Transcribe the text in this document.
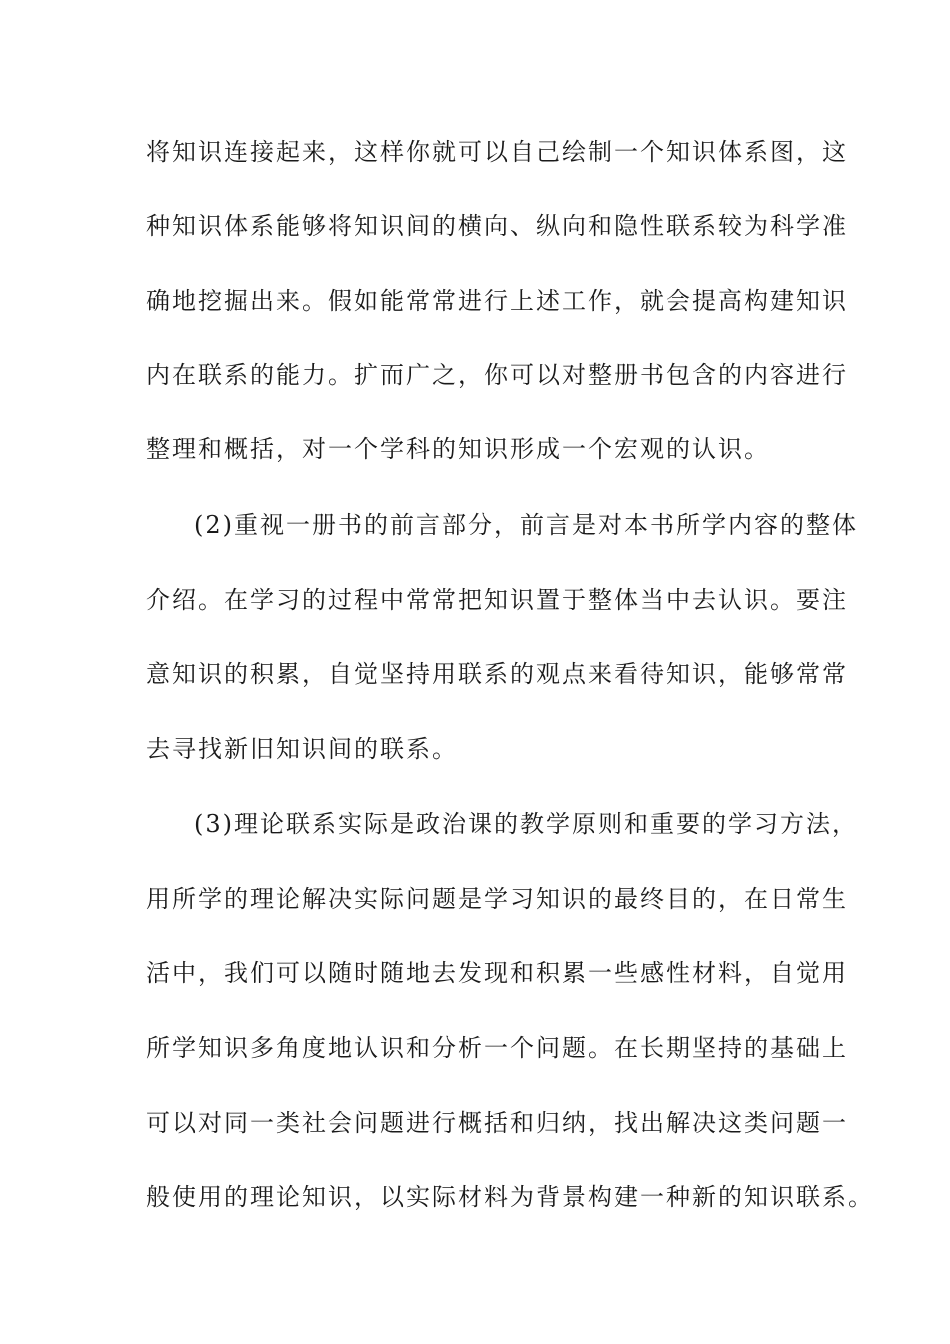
将知识连接起来，这样你就可以自己绘制一个知识体系图，这
种知识体系能够将知识间的横向、纵向和隐性联系较为科学准
确地挖掘出来。假如能常常进行上述工作，就会提高构建知识
内在联系的能力。扩而广之，你可以对整册书包含的内容进行
整理和概括，对一个学科的知识形成一个宏观的认识。
(2)重视一册书的前言部分，前言是对本书所学内容的整体
介绍。在学习的过程中常常把知识置于整体当中去认识。要注
意知识的积累，自觉坚持用联系的观点来看待知识，能够常常
去寻找新旧知识间的联系。
(3)理论联系实际是政治课的教学原则和重要的学习方法，
用所学的理论解决实际问题是学习知识的最终目的，在日常生
活中，我们可以随时随地去发现和积累一些感性材料，自觉用
所学知识多角度地认识和分析一个问题。在长期坚持的基础上
可以对同一类社会问题进行概括和归纳，找出解决这类问题一
般使用的理论知识，以实际材料为背景构建一种新的知识联系。
